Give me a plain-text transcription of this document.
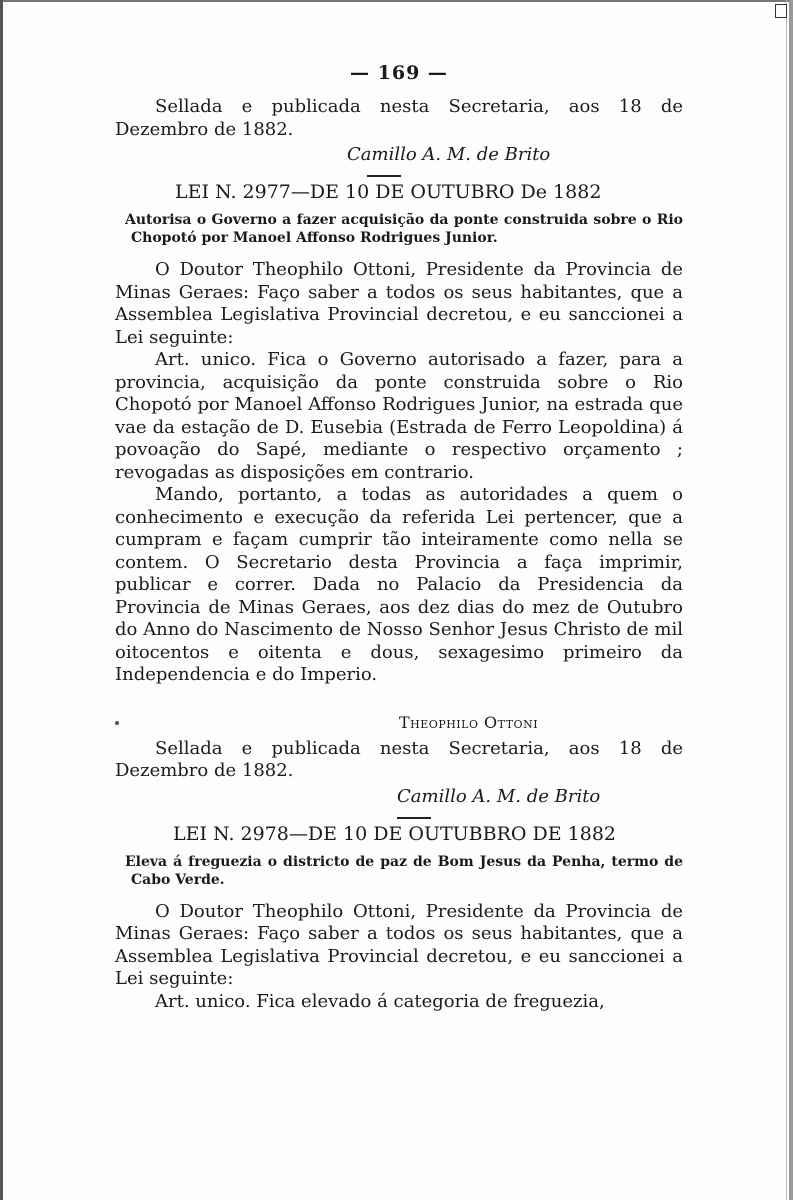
— 169 —

Sellada e publicada nesta Secretaria, aos 18 de Dezembro de 1882.

Camillo A. M. de Brito
LEI N. 2977—DE 10 DE OUTUBRO De 1882

Autorisa o Governo a fazer acquisição da ponte construida sobre o Rio Chopotó por Manoel Affonso Rodrigues Junior.

O Doutor Theophilo Ottoni, Presidente da Provincia de Minas Geraes: Faço saber a todos os seus habitantes, que a Assemblea Legislativa Provincial decretou, e eu sanccionei a Lei seguinte:

Art. unico. Fica o Governo autorisado a fazer, para a provincia, acquisição da ponte construida sobre o Rio Chopotó por Manoel Affonso Rodrigues Junior, na estrada que vae da estação de D. Eusebia (Estrada de Ferro Leopoldina) á povoação do Sapé, mediante o respectivo orçamento ; revogadas as disposições em contrario.

Mando, portanto, a todas as autoridades a quem o conhecimento e execução da referida Lei pertencer, que a cumpram e façam cumprir tão inteiramente como nella se contem. O Secretario desta Provincia a faça imprimir, publicar e correr. Dada no Palacio da Presidencia da Provincia de Minas Geraes, aos dez dias do mez de Outubro do Anno do Nascimento de Nosso Senhor Jesus Christo de mil oitocentos e oitenta e dous, sexagesimo primeiro da Independencia e do Imperio.

Theophilo Ottoni

Sellada e publicada nesta Secretaria, aos 18 de Dezembro de 1882.

Camillo A. M. de Brito
LEI N. 2978—DE 10 DE OUTUBBRO DE 1882

Eleva á freguezia o districto de paz de Bom Jesus da Penha, termo de Cabo Verde.

O Doutor Theophilo Ottoni, Presidente da Provincia de Minas Geraes: Faço saber a todos os seus habitantes, que a Assemblea Legislativa Provincial decretou, e eu sanccionei a Lei seguinte:

Art. unico. Fica elevado á categoria de freguezia,
